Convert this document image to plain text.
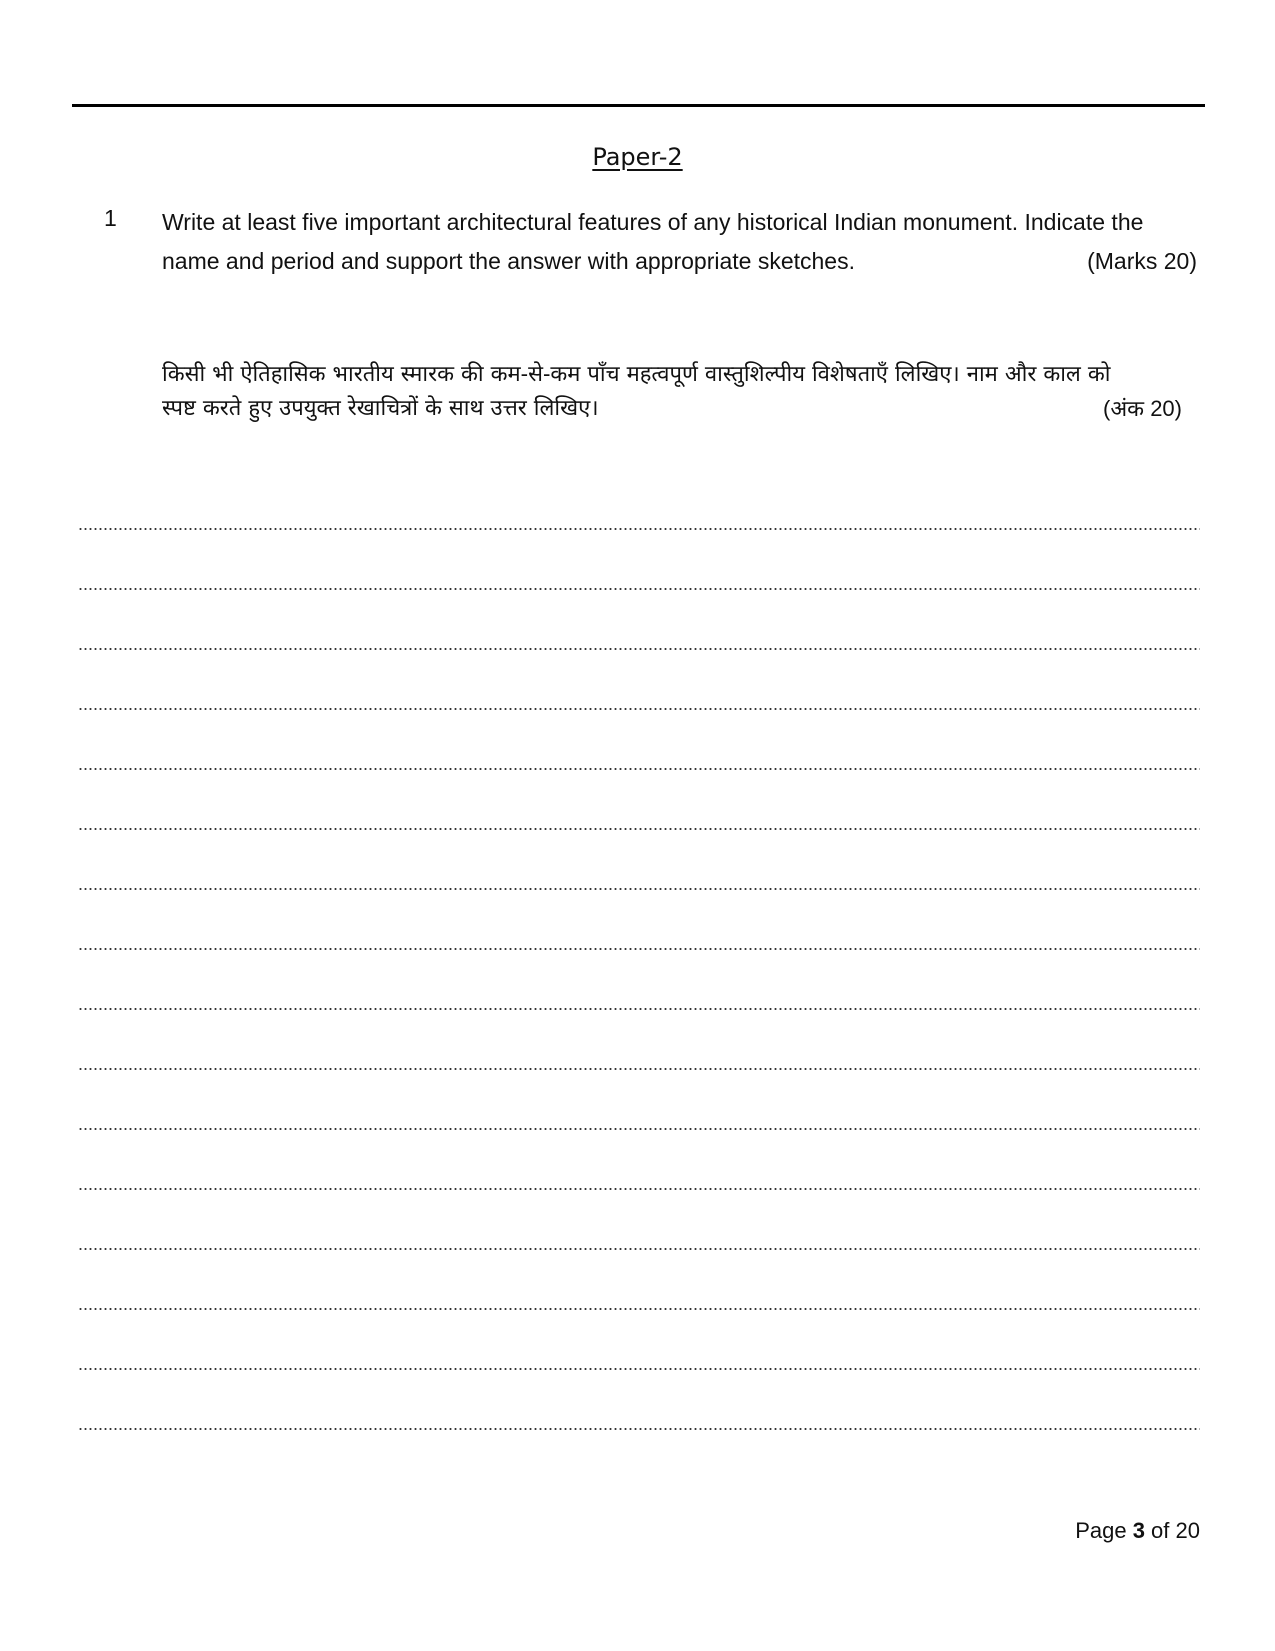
Paper-2
1 Write at least five important architectural features of any historical Indian monument. Indicate the
name and period and support the answer with appropriate sketches.	(Marks 20)
किसी भी ऐतिहासिक भारतीय स्मारक की कम-से-कम पाँच महत्वपूर्ण वास्तुशिल्पीय विशेषताएँ लिखिए। नाम और काल को
स्पष्ट करते हुए उपयुक्त रेखाचित्रों के साथ उत्तर लिखिए।	(अंक 20)
Page 3 of 20
